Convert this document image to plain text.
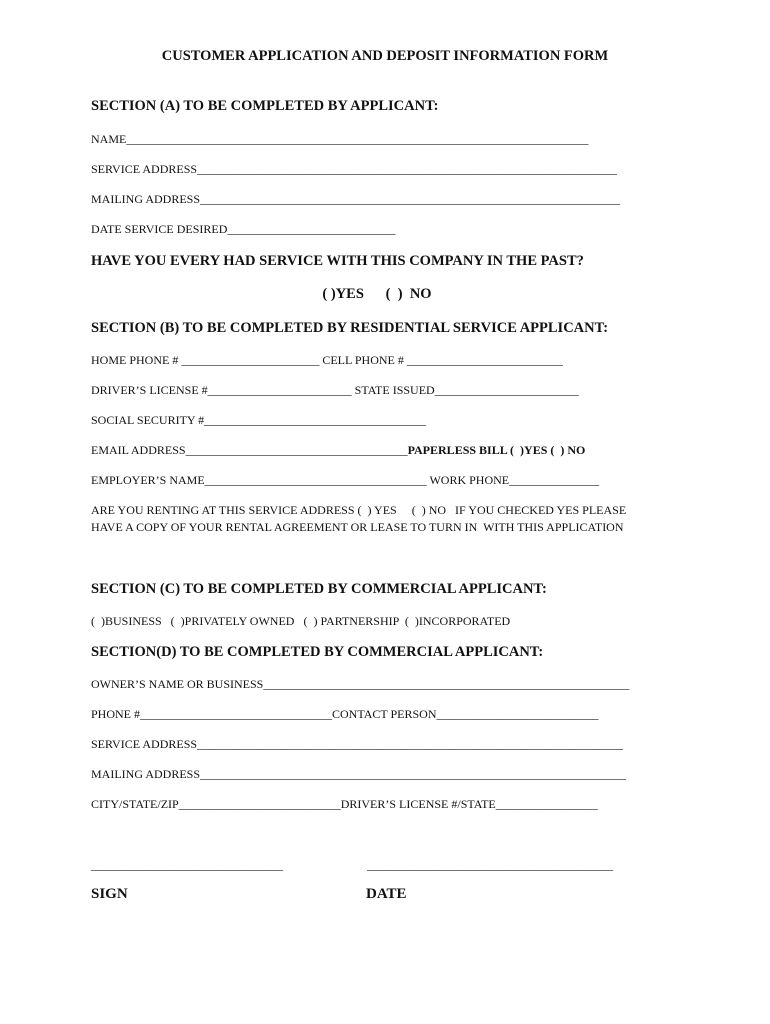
CUSTOMER APPLICATION AND DEPOSIT INFORMATION FORM
SECTION (A) TO BE COMPLETED BY APPLICANT:
NAME_____________________________________________________________________________
SERVICE ADDRESS______________________________________________________________________
MAILING ADDRESS______________________________________________________________________
DATE SERVICE DESIRED____________________________
HAVE YOU EVERY HAD SERVICE WITH THIS COMPANY IN THE PAST?
( )YES      (  )  NO
SECTION (B) TO BE COMPLETED BY RESIDENTIAL SERVICE APPLICANT:
HOME PHONE # _______________________ CELL PHONE # __________________________
DRIVER’S LICENSE #________________________ STATE ISSUED________________________
SOCIAL SECURITY #_____________________________________
EMAIL ADDRESS_____________________________________PAPERLESS BILL (  )YES (  ) NO
EMPLOYER’S NAME_____________________________________ WORK PHONE_______________
ARE YOU RENTING AT THIS SERVICE ADDRESS (  ) YES     (  ) NO   IF YOU CHECKED YES PLEASE
HAVE A COPY OF YOUR RENTAL AGREEMENT OR LEASE TO TURN IN  WITH THIS APPLICATION
SECTION (C) TO BE COMPLETED BY COMMERCIAL APPLICANT:
(  )BUSINESS   (  )PRIVATELY OWNED   (  ) PARTNERSHIP  (  )INCORPORATED
SECTION(D) TO BE COMPLETED BY COMMERCIAL APPLICANT:
OWNER’S NAME OR BUSINESS_____________________________________________________________
PHONE #________________________________CONTACT PERSON___________________________
SERVICE ADDRESS_______________________________________________________________________
MAILING ADDRESS_______________________________________________________________________
CITY/STATE/ZIP___________________________DRIVER’S LICENSE #/STATE_________________
________________________________	_________________________________________
SIGN	DATE
